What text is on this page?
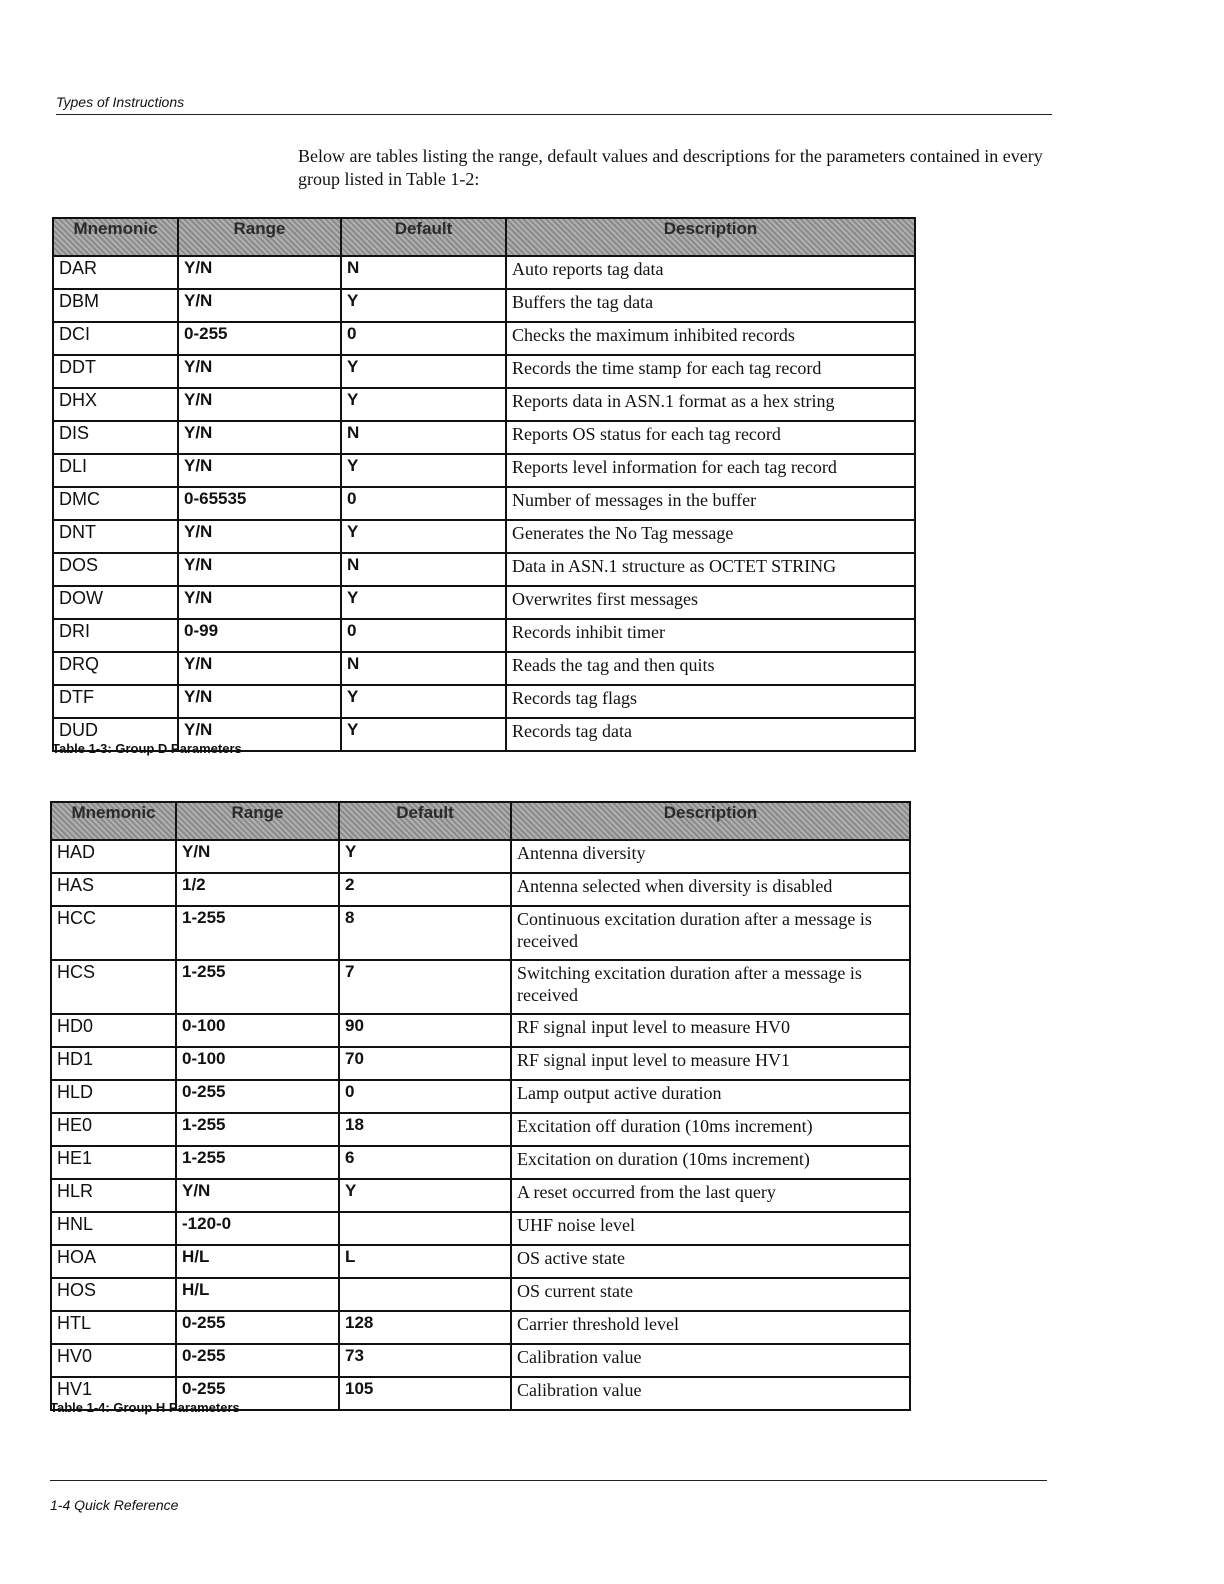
Types of Instructions

Below are tables listing the range, default values and descriptions for the parameters contained in every group listed in Table 1-2:

Mnemonic	Range	Default	Description
DAR	Y/N	N	Auto reports tag data
DBM	Y/N	Y	Buffers the tag data
DCI	0-255	0	Checks the maximum inhibited records
DDT	Y/N	Y	Records the time stamp for each tag record
DHX	Y/N	Y	Reports data in ASN.1 format as a hex string
DIS	Y/N	N	Reports OS status for each tag record
DLI	Y/N	Y	Reports level information for each tag record
DMC	0-65535	0	Number of messages in the buffer
DNT	Y/N	Y	Generates the No Tag message
DOS	Y/N	N	Data in ASN.1 structure as OCTET STRING
DOW	Y/N	Y	Overwrites first messages
DRI	0-99	0	Records inhibit timer
DRQ	Y/N	N	Reads the tag and then quits
DTF	Y/N	Y	Records tag flags
DUD	Y/N	Y	Records tag data
Table 1-3: Group D Parameters
Mnemonic	Range	Default	Description
HAD	Y/N	Y	Antenna diversity
HAS	1/2	2	Antenna selected when diversity is disabled
HCC	1-255	8	Continuous excitation duration after a message is received
HCS	1-255	7	Switching excitation duration after a message is received
HD0	0-100	90	RF signal input level to measure HV0
HD1	0-100	70	RF signal input level to measure HV1
HLD	0-255	0	Lamp output active duration
HE0	1-255	18	Excitation off duration (10ms increment)
HE1	1-255	6	Excitation on duration (10ms increment)
HLR	Y/N	Y	A reset occurred from the last query
HNL	-120-0		UHF noise level
HOA	H/L	L	OS active state
HOS	H/L		OS current state
HTL	0-255	128	Carrier threshold level
HV0	0-255	73	Calibration value
HV1	0-255	105	Calibration value
Table 1-4: Group H Parameters
1-4 Quick Reference
